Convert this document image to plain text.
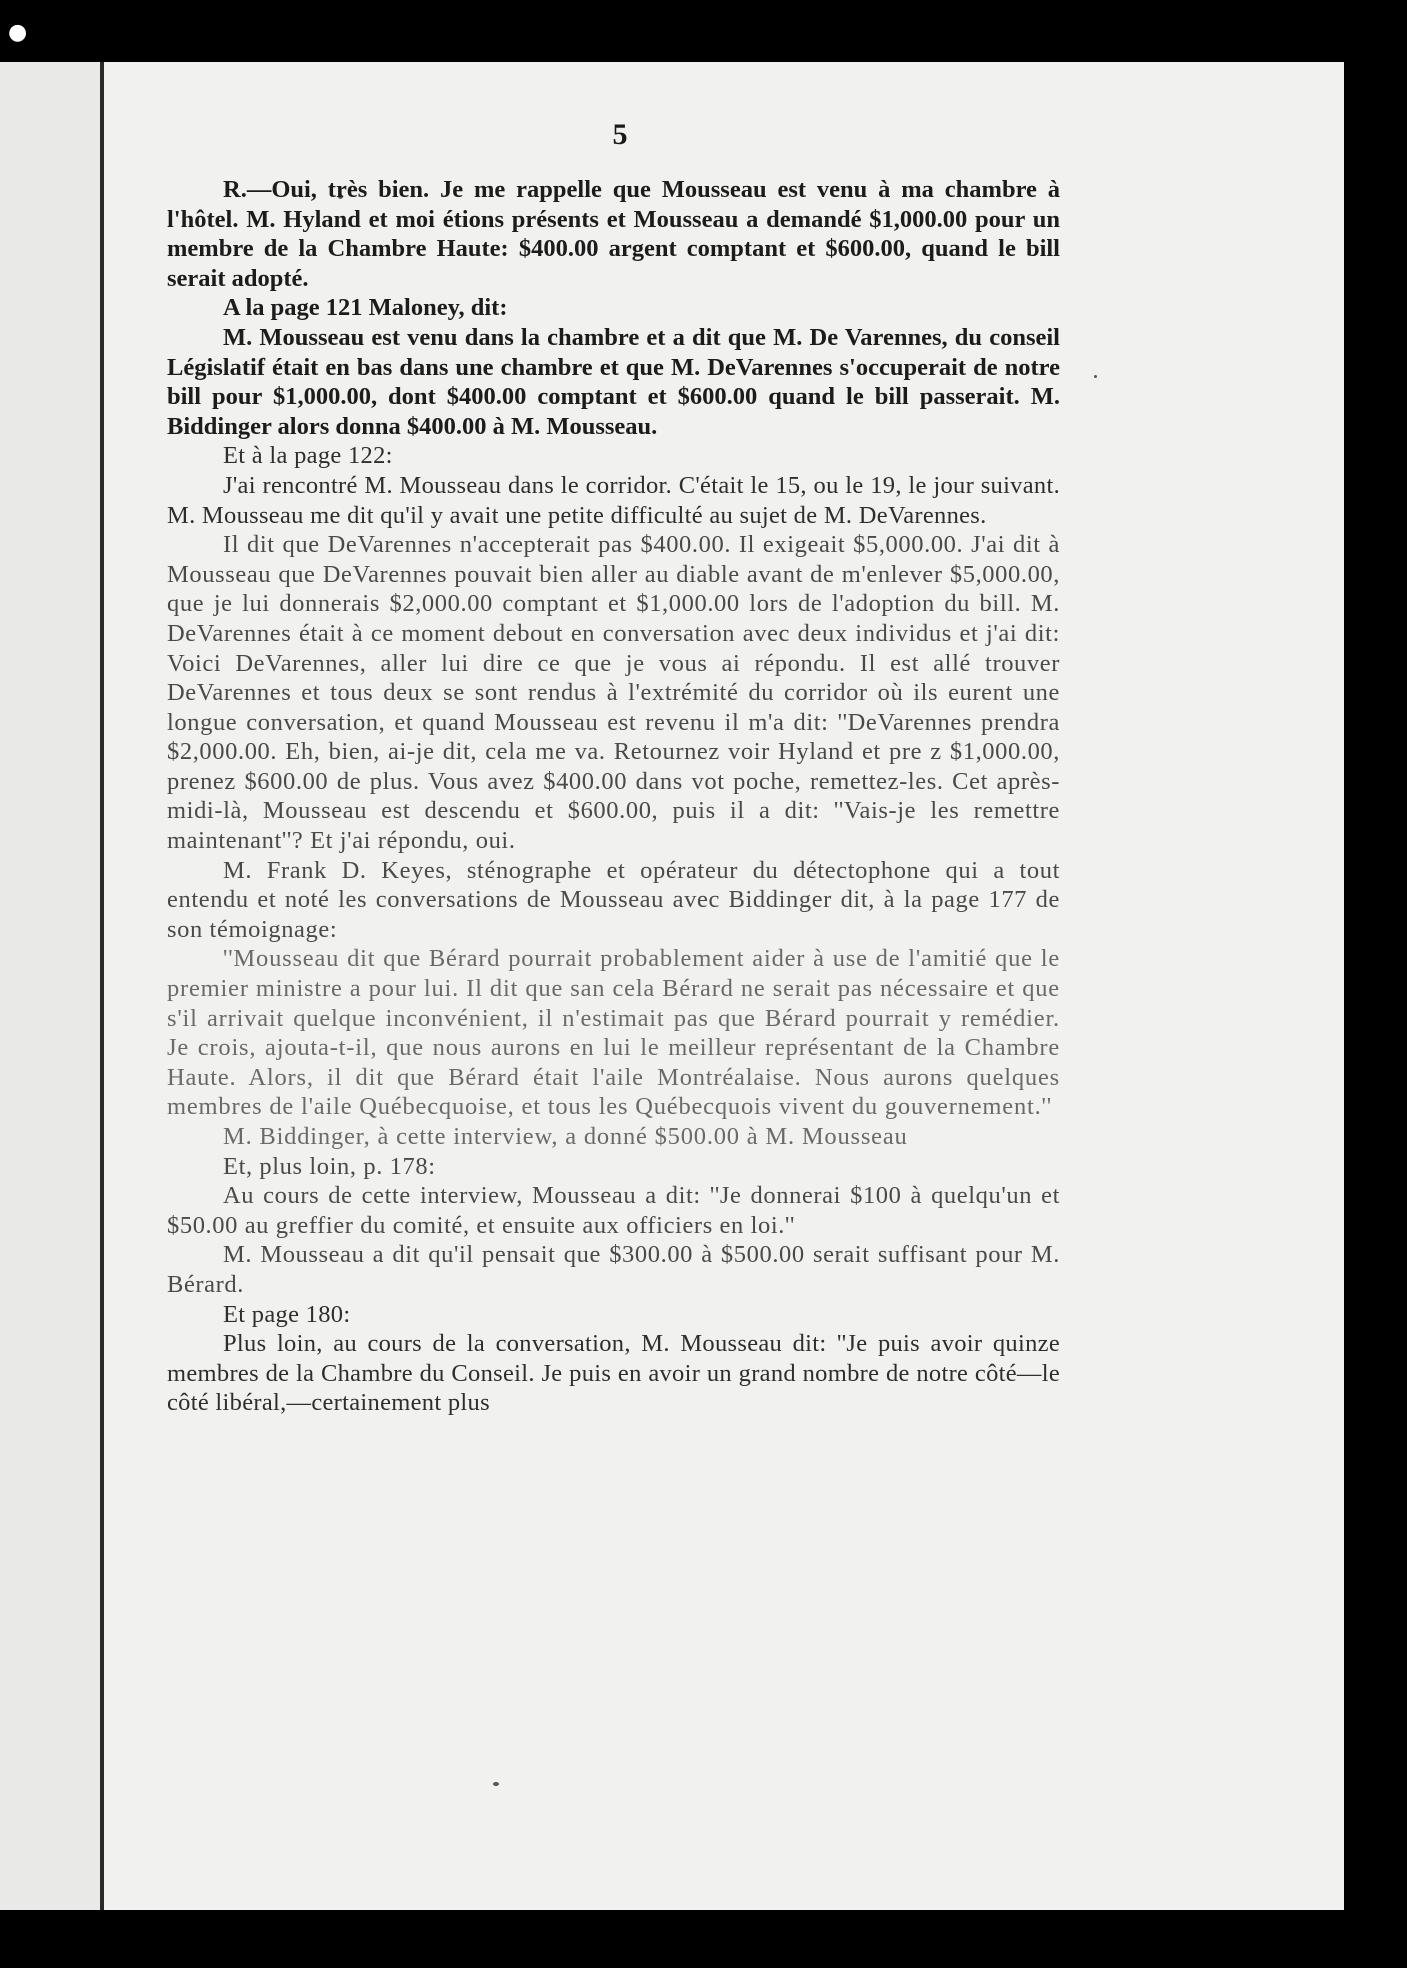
●
5

R.—Oui, très bien. Je me rappelle que Mousseau est venu à ma chambre à l'hôtel. M. Hyland et moi étions présents et Mousseau a demandé $1,000.00 pour un membre de la Chambre Haute: $400.00 argent comptant et $600.00, quand le bill serait adopté.

A la page 121 Maloney, dit:

M. Mousseau est venu dans la chambre et a dit que M. De Varennes, du conseil Législatif était en bas dans une chambre et que M. DeVarennes s'occuperait de notre bill pour $1,000.00, dont $400.00 comptant et $600.00 quand le bill passerait. M. Biddinger alors donna $400.00 à M. Mousseau.

Et à la page 122:

J'ai rencontré M. Mousseau dans le corridor. C'était le 15, ou le 19, le jour suivant. M. Mousseau me dit qu'il y avait une petite difficulté au sujet de M. DeVarennes.

Il dit que DeVarennes n'accepterait pas $400.00. Il exigeait $5,000.00. J'ai dit à Mousseau que DeVarennes pouvait bien aller au diable avant de m'enlever $5,000.00, que je lui donnerais $2,000.00 comptant et $1,000.00 lors de l'adoption du bill. M. DeVarennes était à ce moment debout en conversation avec deux individus et j'ai dit: Voici DeVarennes, aller lui dire ce que je vous ai répondu. Il est allé trouver DeVarennes et tous deux se sont rendus à l'extrémité du corridor où ils eurent une longue conversation, et quand Mousseau est revenu il m'a dit: ''DeVarennes prendra $2,000.00. Eh, bien, ai-je dit, cela me va. Retournez voir Hyland et pre z $1,000.00, prenez $600.00 de plus. Vous avez $400.00 dans vot poche, remettez-les. Cet après-midi-là, Mousseau est descendu et $600.00, puis il a dit: ''Vais-je les remettre maintenant''? Et j'ai répondu, oui.

M. Frank D. Keyes, sténographe et opérateur du détectophone qui a tout entendu et noté les conversations de Mousseau avec Biddinger dit, à la page 177 de son témoignage:

''Mousseau dit que Bérard pourrait probablement aider à use de l'amitié que le premier ministre a pour lui. Il dit que san cela Bérard ne serait pas nécessaire et que s'il arrivait quelque inconvénient, il n'estimait pas que Bérard pourrait y remédier. Je crois, ajouta-t-il, que nous aurons en lui le meilleur représentant de la Chambre Haute. Alors, il dit que Bérard était l'aile Montréalaise. Nous aurons quelques membres de l'aile Québecquoise, et tous les Québecquois vivent du gouvernement.''

M. Biddinger, à cette interview, a donné $500.00 à M. Mousseau

Et, plus loin, p. 178:

Au cours de cette interview, Mousseau a dit: ''Je donnerai $100 à quelqu'un et $50.00 au greffier du comité, et ensuite aux officiers en loi.''

M. Mousseau a dit qu'il pensait que $300.00 à $500.00 serait suffisant pour M. Bérard.

Et page 180:

Plus loin, au cours de la conversation, M. Mousseau dit: ''Je puis avoir quinze membres de la Chambre du Conseil. Je puis en avoir un grand nombre de notre côté—le côté libéral,—certainement plus
